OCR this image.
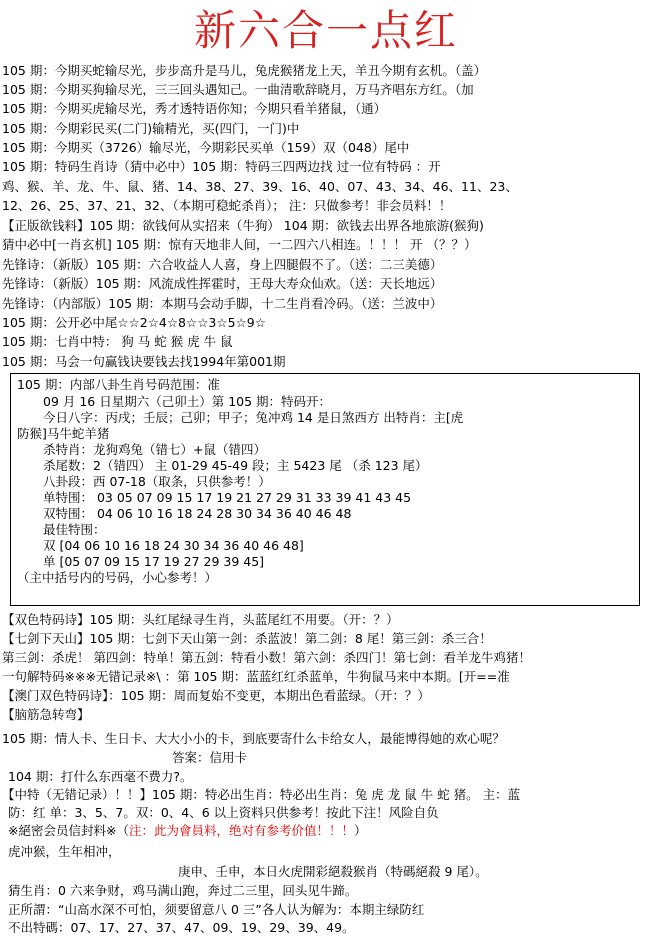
新六合一点红
105 期：今期买蛇输尽光，步步高升是马儿，兔虎猴猪龙上天，羊丑今期有玄机。（盖）
105 期：今期买狗输尽光，三三回头遇知己。一曲清歌辞晓月，万马齐唱东方红。（加
105 期：今期买虎输尽光，秀才透特语你知；今期只看羊猪鼠，（通）
105 期：今期彩民买(二门)输精光，买(四门，一门)中
105 期：今期买（3726）输尽光，今期彩民买单（159）双（048）尾中
105 期：特码生肖诗（猜中必中）105 期：特码三四两边找 过一位有特码 ：开
鸡、猴、羊、龙、牛、鼠、猪、14、38、27、39、16、40、07、43、34、46、11、23、
12、26、25、37、21、32、（本期可稳蛇杀肖）； 注：只做参考！非会员料！！
【正版欲钱料】105 期：欲钱何从实招来（牛狗） 104 期：欲钱去出界各地旅游(猴狗)
猜中必中[一肖玄机] 105 期：惊有天地非人间，一二四六八相连。！！！ 开 （？？）
先锋诗：（新版）105 期：六合收益人人喜，身上四腿假不了。（送：二三美德）
先锋诗：（新版）105 期：风流成性挥霍时，王母大寿众仙欢。（送：天长地远）
先锋诗：（内部版）105 期：本期马会动手脚，十二生肖看冷码。（送：兰波中）
105 期：公开必中尾☆☆2☆4☆8☆☆3☆5☆9☆
105 期：七肖中特： 狗 马 蛇 猴 虎 牛 鼠
105 期：马会一句赢钱诀要钱去找1994年第001期
105 期：内部八卦生肖号码范围：准
09 月 16 日星期六（己卯土）第 105 期：特码开：
今日八字：丙戌；壬辰；己卯；甲子；兔冲鸡 14 是日煞西方 出特肖：主[虎
防猴]马牛蛇羊猪
杀特肖：龙狗鸡兔（错七）+鼠（错四）
杀尾数：2（错四） 主 01-29 45-49 段；主 5423 尾 （杀 123 尾）
八卦段：西 07-18（取条，只供参考！）
单特围： 03 05 07 09 15 17 19 21 27 29 31 33 39 41 43 45
双特围： 04 06 10 16 18 24 28 30 34 36 40 46 48
最佳特围：
双 [04 06 10 16 18 24 30 34 36 40 46 48]
单 [05 07 09 15 17 19 27 29 39 45]
（主中括号内的号码，小心参考！）
【双色特码诗】105 期：头红尾绿寻生肖，头蓝尾红不用要。（开：？）
【七剑下天山】105 期：七剑下天山第一剑：杀蓝波！第二剑：8 尾！第三剑：杀三合！
第三剑：杀虎！ 第四剑：特单！第五剑：特看小数！第六剑：杀四门！第七剑：看羊龙牛鸡猪！
一句解特码※※※无错记录※\ ：第 105 期：蓝蓝红红杀蓝单，牛狗鼠马来中本期。[开==准
【澳门双色特码诗】：105 期：周而复始不变更，本期出色看蓝绿。（开：？）
【脑筋急转弯】
105 期：情人卡、生日卡、大大小小的卡，到底要寄什么卡给女人，最能博得她的欢心呢？
答案：信用卡
104 期：打什么东西毫不费力?。
【中特（无错记录）！！】105 期：特必出生肖：特必出生肖：兔 虎 龙 鼠 牛 蛇 猪。 主：蓝
防：红 单：3、5、7。双：0、4、6 以上资料只供参考！按此下注！风险自负
※絕密会员信封料※（注：此为會員料，绝对有参考价值！！！）
虎冲猴，生年相冲，
庚申、壬申，本日火虎開彩絕殺猴肖（特碼絕殺 9 尾）。
猜生肖：0 六来争财，鸡马满山跑，奔过二三里，回头见牛蹄。
正所謂：“山高水深不可怕，须要留意八 0 三”各人认为解为：本期主绿防红
不出特碼：07、17、27、37、47、09、19、29、39、49。
